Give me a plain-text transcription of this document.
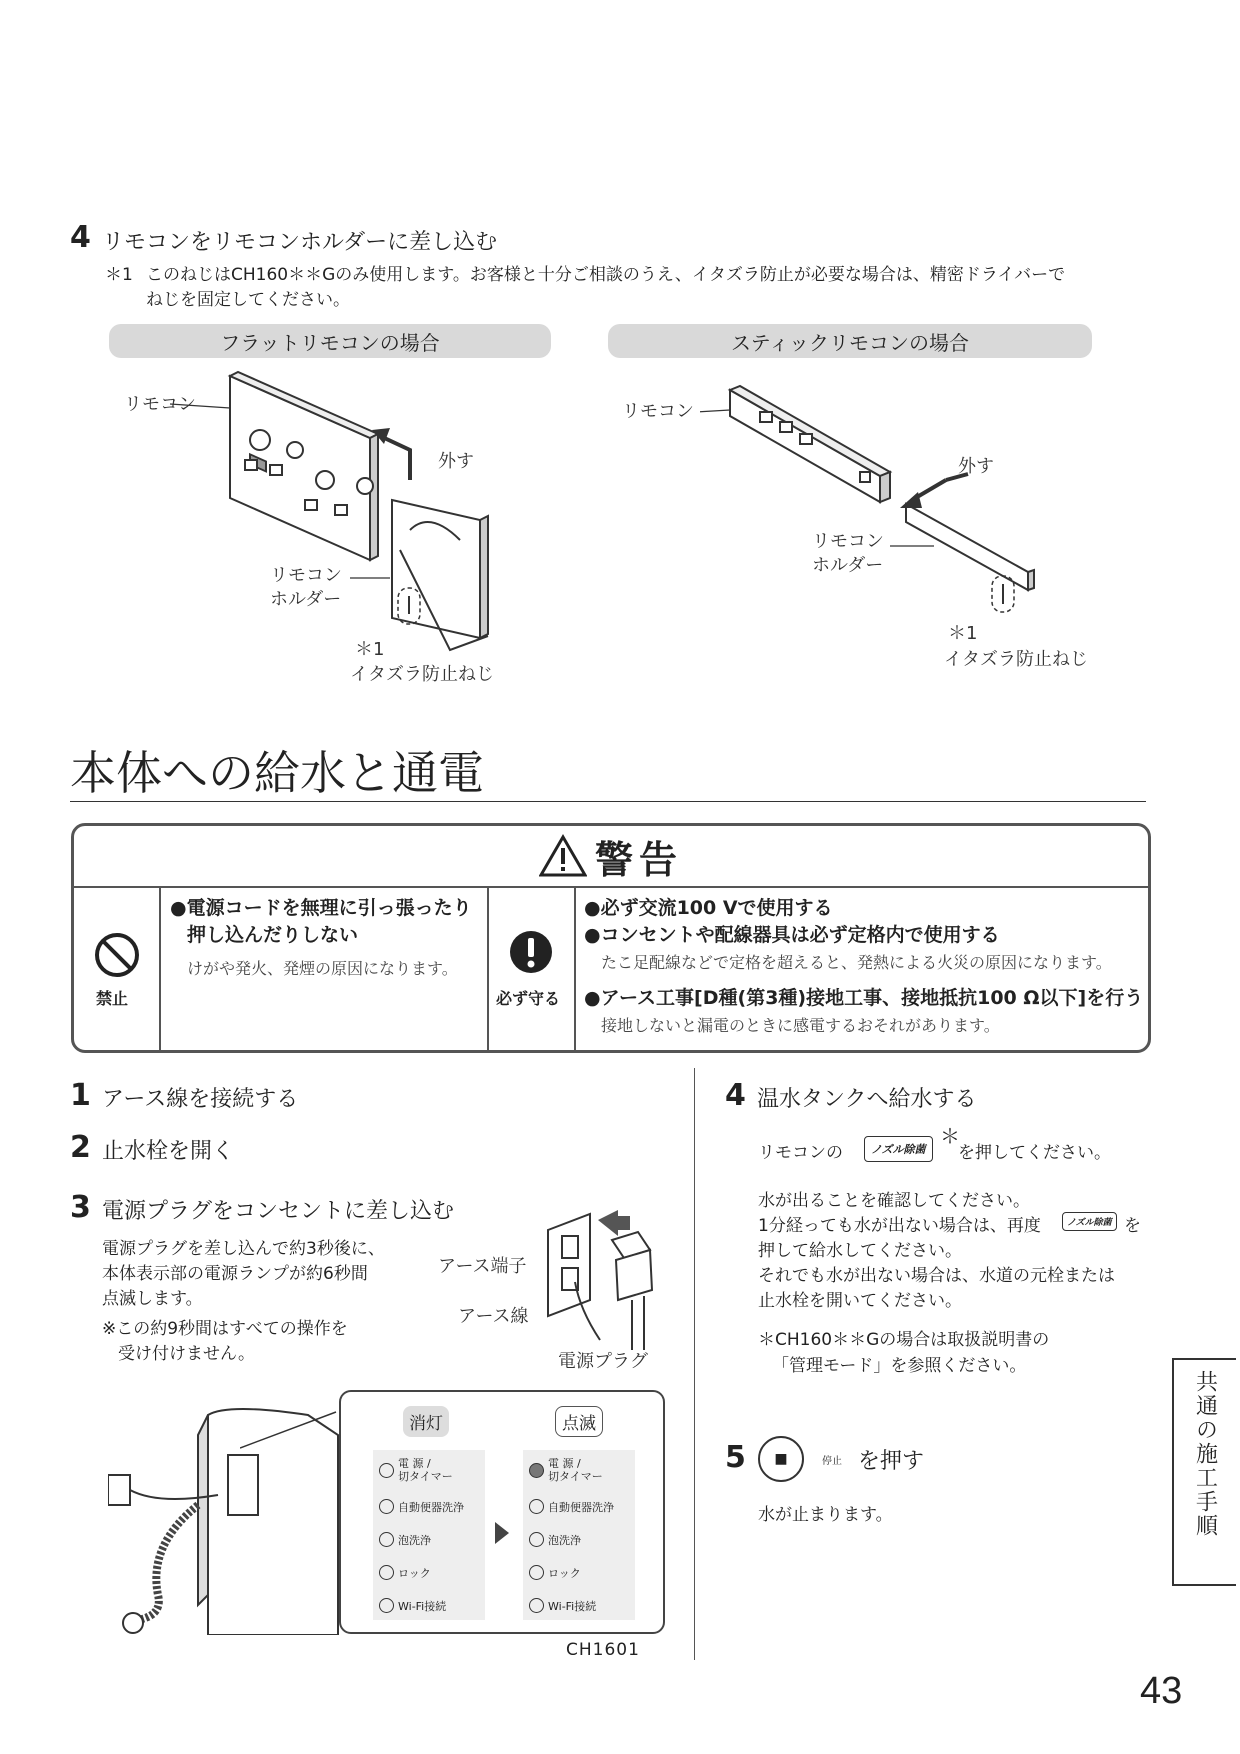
4 リモコンをリモコンホルダーに差し込む
＊1 このねじはCH160＊＊Gのみ使用します。お客様と十分ご相談のうえ、イタズラ防止が必要な場合は、精密ドライバーで
ねじを固定してください。
フラットリモコンの場合	スティックリモコンの場合
リモコン
外す
リモコン
ホルダー
＊1
イタズラ防止ねじ
リモコン
外す
リモコン
ホルダー
＊1
イタズラ防止ねじ
本体への給水と通電
警告
禁止
●電源コードを無理に引っ張ったり
押し込んだりしない
けがや発火、発煙の原因になります。
必ず守る
●必ず交流100 Vで使用する
●コンセントや配線器具は必ず定格内で使用する
たこ足配線などで定格を超えると、発熱による火災の原因になります。
●アース工事[D種(第3種)接地工事、接地抵抗100 Ω以下]を行う
接地しないと漏電のときに感電するおそれがあります。
1 アース線を接続する
2 止水栓を開く
3 電源プラグをコンセントに差し込む
電源プラグを差し込んで約3秒後に、
本体表示部の電源ランプが約6秒間
点滅します。
※この約9秒間はすべての操作を
受け付けません。
アース端子
アース線
電源プラグ
消灯	点滅
電 源 /
切タイマー
自動便器洗浄
泡洗浄
ロック
Wi-Fi接続
電 源 /
切タイマー
自動便器洗浄
泡洗浄
ロック
Wi-Fi接続
CH1601
4 温水タンクへ給水する
リモコンの	ノズル除菌
＊
を押してください。
水が出ることを確認してください。
1分経っても水が出ない場合は、再度	ノズル除菌 を
押して給水してください。
それでも水が出ない場合は、水道の元栓または
止水栓を開いてください。
＊CH160＊＊Gの場合は取扱説明書の
「管理モード」を参照ください。
5	■	停止 を押す
水が止まります。	共通の施工手順
43
